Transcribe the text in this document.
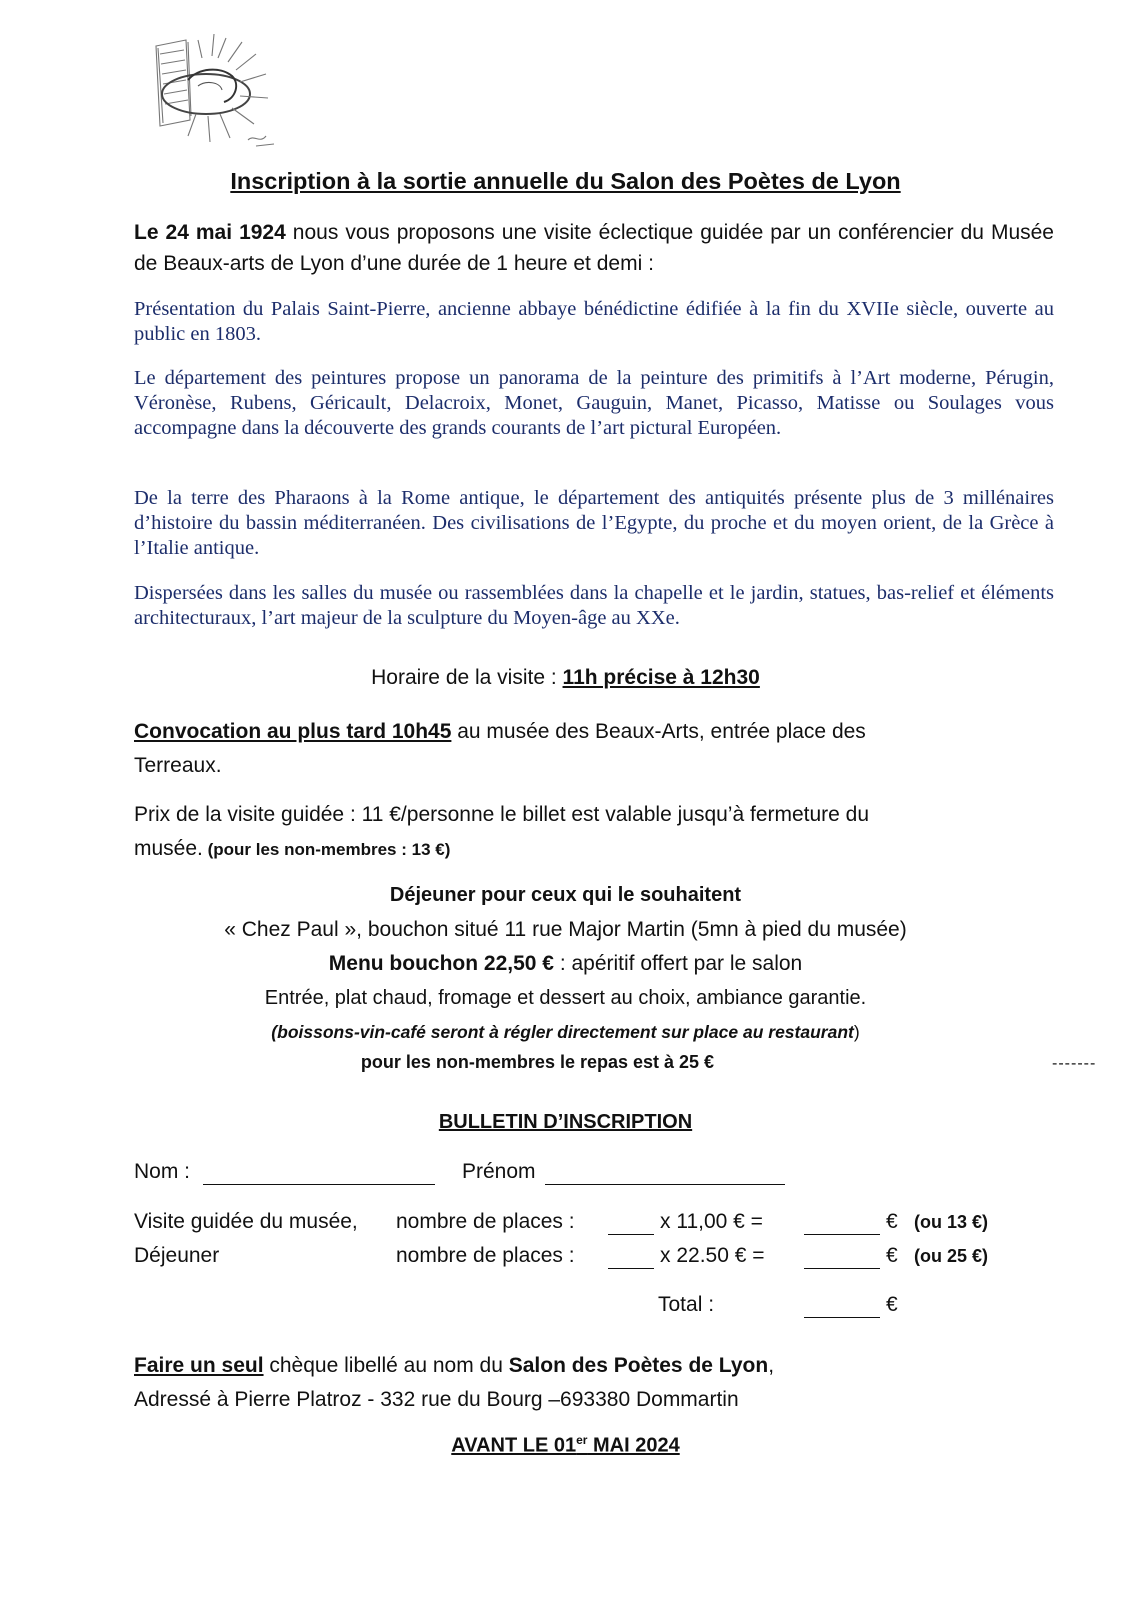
Inscription à la sortie annuelle du Salon des Poètes de Lyon
Le 24 mai 1924 nous vous proposons une visite éclectique guidée par un conférencier du Musée de Beaux-arts de Lyon d’une durée de 1 heure et demi :
Présentation du Palais Saint-Pierre, ancienne abbaye bénédictine édifiée à la fin du XVIIe siècle, ouverte au public en 1803.
Le département des peintures propose un panorama de la peinture des primitifs à l’Art moderne, Pérugin, Véronèse, Rubens, Géricault, Delacroix, Monet, Gauguin, Manet, Picasso, Matisse ou Soulages vous accompagne dans la découverte des grands courants de l’art pictural Européen.
De la terre des Pharaons à la Rome antique, le département des antiquités présente plus de 3 millénaires d’histoire du bassin méditerranéen. Des civilisations de l’Egypte, du proche et du moyen orient, de la Grèce à l’Italie antique.
Dispersées dans les salles du musée ou rassemblées dans la chapelle et le jardin, statues, bas-relief et éléments architecturaux, l’art majeur de la sculpture du Moyen-âge au XXe.
Horaire de la visite : 11h précise à 12h30
Convocation au plus tard 10h45 au musée des Beaux-Arts, entrée place des
Terreaux.
Prix de la visite guidée : 11 €/personne le billet est valable jusqu’à fermeture du
musée. (pour les non-membres : 13 €)
Déjeuner pour ceux qui le souhaitent
« Chez Paul », bouchon situé 11 rue Major Martin (5mn à pied du musée)
Menu bouchon 22,50 € : apéritif offert par le salon
Entrée, plat chaud, fromage et dessert au choix, ambiance garantie.
(boissons-vin-café seront à régler directement sur place au restaurant)
pour les non-membres le repas est à 25 €	-------
BULLETIN D’INSCRIPTION
Nom :	Prénom
Visite guidée du musée, nombre de places :	x 11,00 € =	€ (ou 13 €)
Déjeuner	nombre de places :	x 22.50 € =	€ (ou 25 €)
Total :	€
Faire un seul chèque libellé au nom du Salon des Poètes de Lyon,
Adressé à Pierre Platroz - 332 rue du Bourg –693380 Dommartin
AVANT LE 01er MAI 2024
